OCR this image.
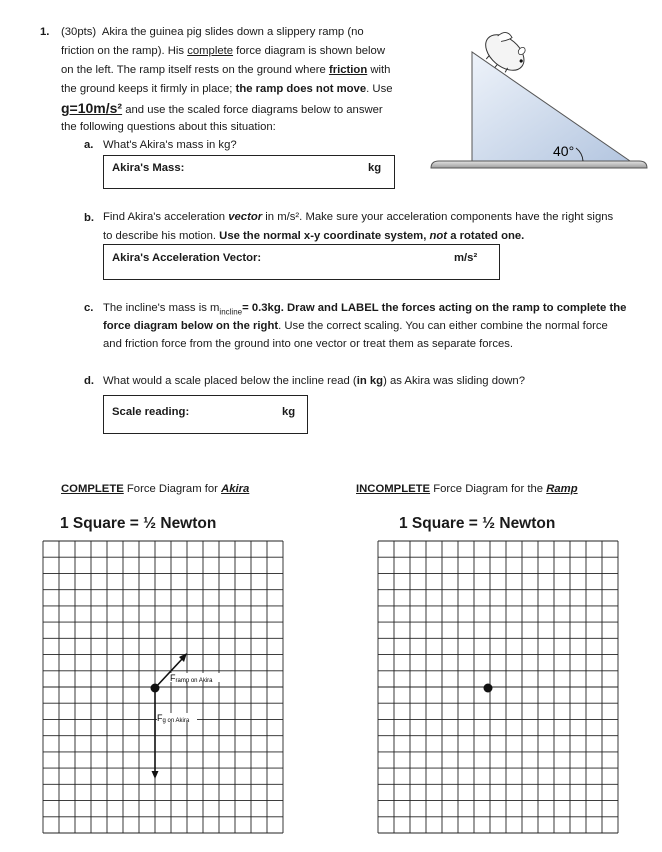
1. (30pts) Akira the guinea pig slides down a slippery ramp (no
friction on the ramp). His complete force diagram is shown below
on the left. The ramp itself rests on the ground where friction with
the ground keeps it firmly in place; the ramp does not move. Use
g=10m/s² and use the scaled force diagrams below to answer
the following questions about this situation:
40°
a. What's Akira's mass in kg?
Akira's Mass:	kg
b. Find Akira's acceleration vector in m/s². Make sure your acceleration components have the right signs
to describe his motion. Use the normal x-y coordinate system, not a rotated one.
Akira's Acceleration Vector:	m/s²
c. The incline's mass is $m_{incline}= 0.3kg$. Draw and LABEL the forces acting on the ramp to complete the
force diagram below on the right. Use the correct scaling. You can either combine the normal force
and friction force from the ground into one vector or treat them as separate forces.
d. What would a scale placed below the incline read (in kg) as Akira was sliding down?
Scale reading:	kg
COMPLETE Force Diagram for Akira	INCOMPLETE Force Diagram for the Ramp
1 Square = ½ Newton	1 Square = ½ Newton
Framp on Akira
Fg on Akira
